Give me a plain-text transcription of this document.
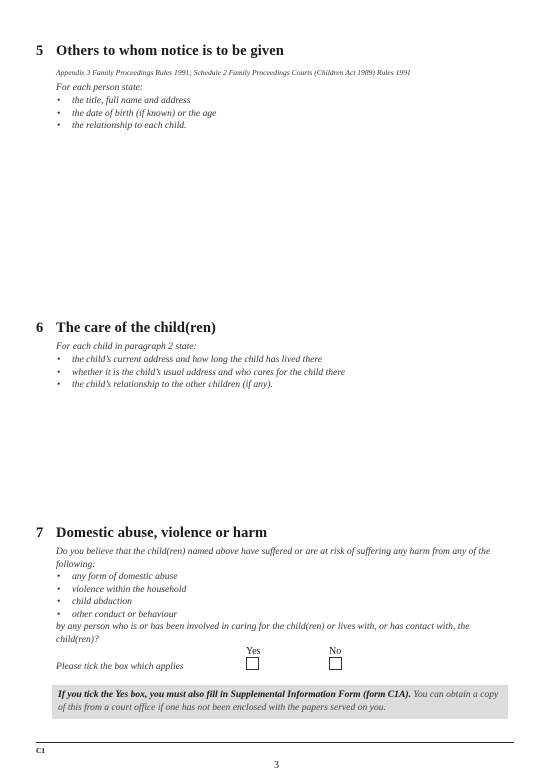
5 Others to whom notice is to be given
Appendix 3 Family Proceedings Rules 1991; Schedule 2 Family Proceedings Courts (Children Act 1989) Rules 1991
For each person state:
• the title, full name and address
• the date of birth (if known) or the age
• the relationship to each child.
6 The care of the child(ren)
For each child in paragraph 2 state:
• the child’s current address and how long the child has lived there
• whether it is the child’s usual address and who cares for the child there
• the child’s relationship to the other children (if any).
7 Domestic abuse, violence or harm
Do you believe that the child(ren) named above have suffered or are at risk of suffering any harm from any of the following:
• any form of domestic abuse
• violence within the household
• child abduction
• other conduct or behaviour
by any person who is or has been involved in caring for the child(ren) or lives with, or has contact with, the child(ren)?
Yes	No
Please tick the box which applies
If you tick the Yes box, you must also fill in Supplemental Information Form (form C1A). You can obtain a copy of this from a court office if one has not been enclosed with the papers served on you.
C1
3
